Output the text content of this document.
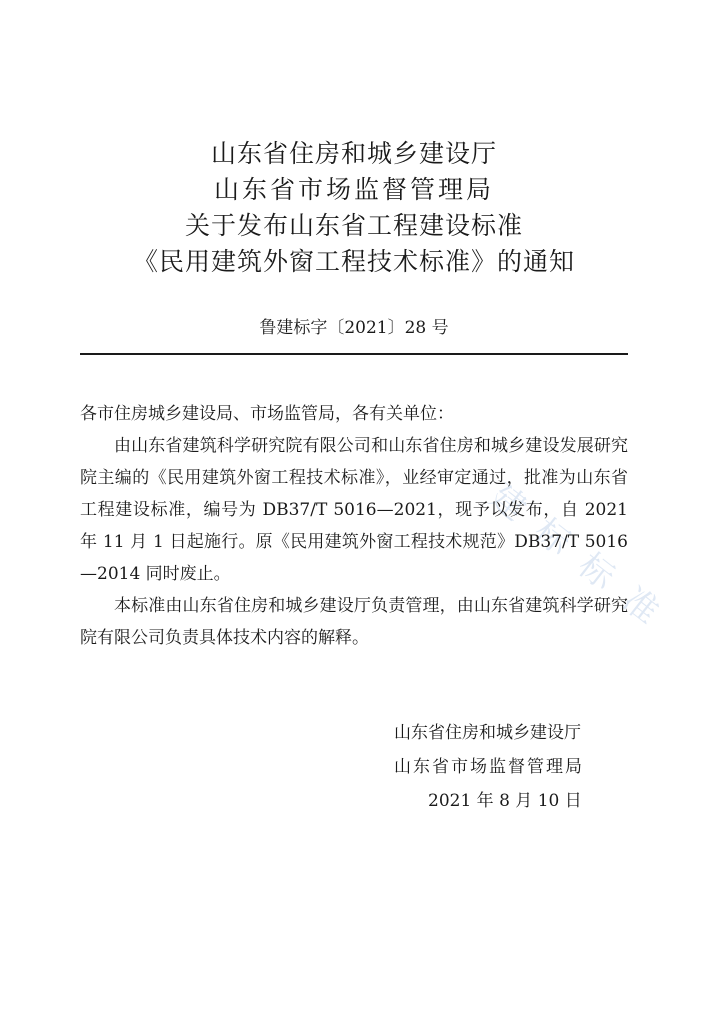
建标标准
山东省住房和城乡建设厅
山东省市场监督管理局
关于发布山东省工程建设标准
《民用建筑外窗工程技术标准》的通知
鲁建标字〔2021〕28 号
各市住房城乡建设局、市场监管局，各有关单位：
由山东省建筑科学研究院有限公司和山东省住房和城乡建设发展研究院主编的《民用建筑外窗工程技术标准》，业经审定通过，批准为山东省工程建设标准，编号为 DB37/T 5016—2021，现予以发布，自 2021 年 11 月 1 日起施行。原《民用建筑外窗工程技术规范》DB37/T 5016—2014 同时废止。
本标准由山东省住房和城乡建设厅负责管理，由山东省建筑科学研究院有限公司负责具体技术内容的解释。
山东省住房和城乡建设厅
山东省市场监督管理局
2021 年 8 月 10 日
